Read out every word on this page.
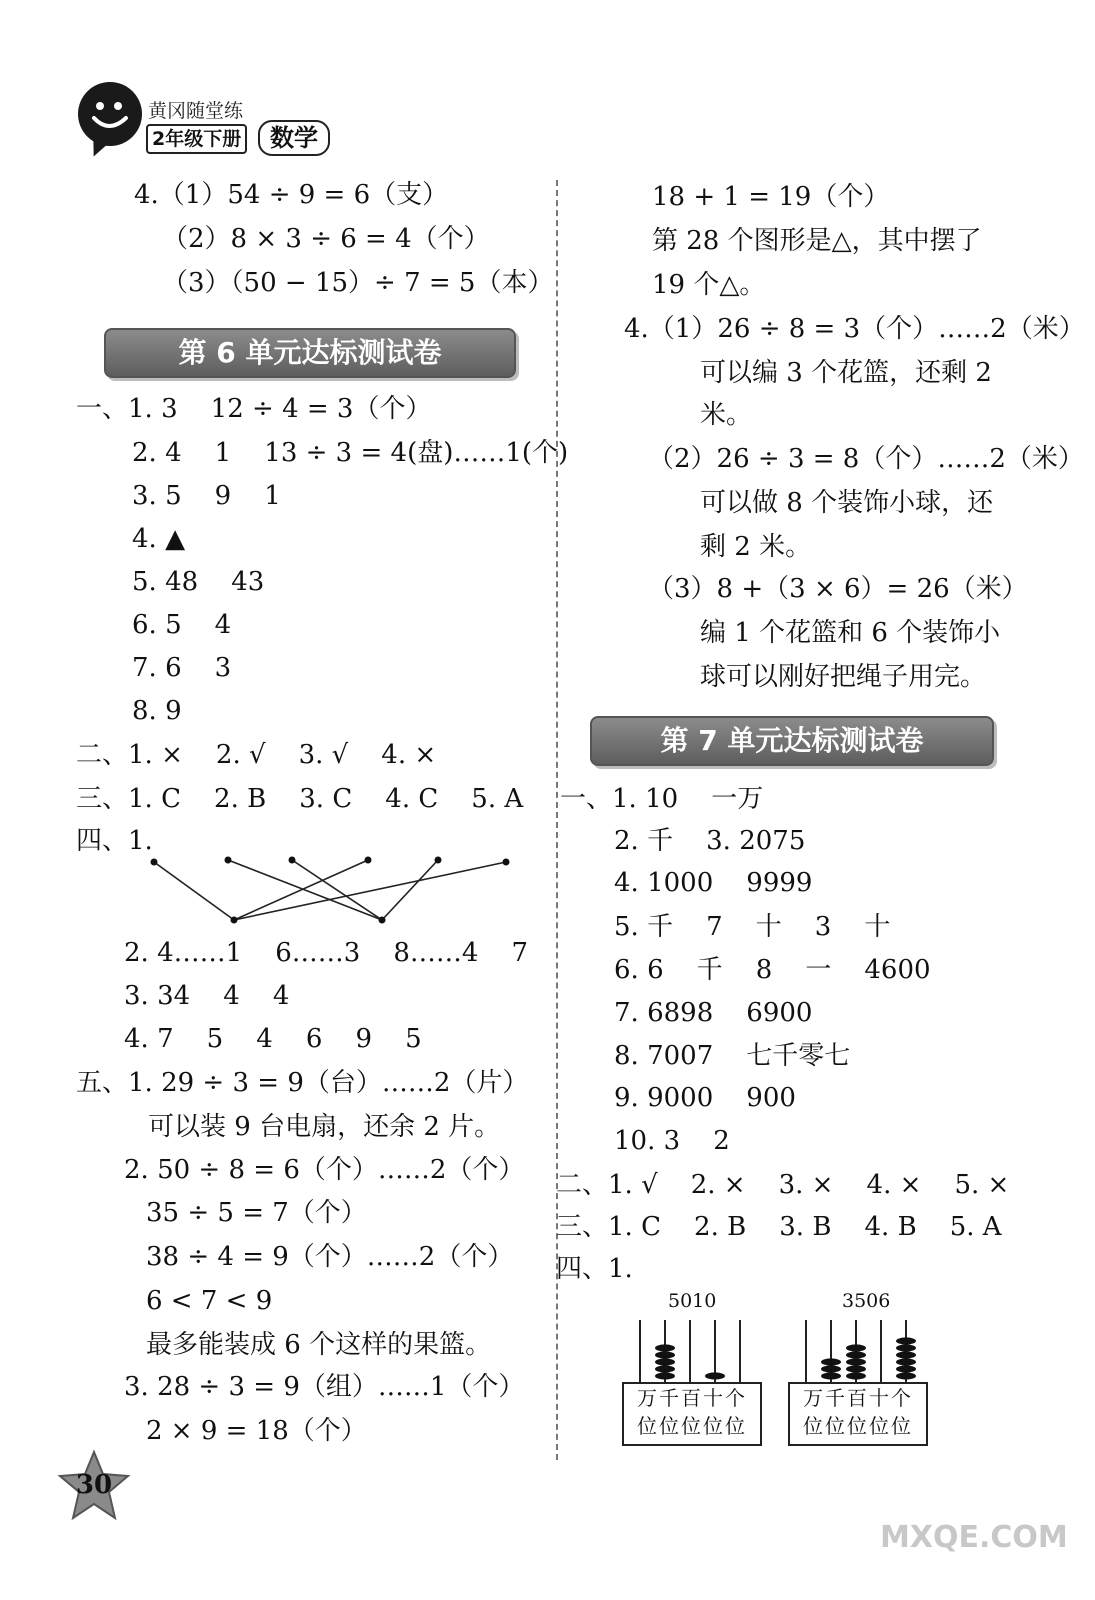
黄冈随堂练
2年级下册	数学
4.（1）54 ÷ 9 = 6（支）
（2）8 × 3 ÷ 6 = 4（个）
（3）（50 − 15）÷ 7 = 5（本）
第 6 单元达标测试卷
一、1. 3    12 ÷ 4 = 3（个）
2. 4    1    13 ÷ 3 = 4(盘)……1(个)
3. 5    9    1
4. ▲
5. 48    43
6. 5    4
7. 6    3
8. 9
二、1. ×    2. √    3. √    4. ×
三、1. C    2. B    3. C    4. C    5. A
四、1.
2. 4……1    6……3    8……4    7
3. 34    4    4
4. 7    5    4    6    9    5
五、1. 29 ÷ 3 = 9（台）……2（片）
可以装 9 台电扇，还余 2 片。
2. 50 ÷ 8 = 6（个）……2（个）
35 ÷ 5 = 7（个）
38 ÷ 4 = 9（个）……2（个）
6 < 7 < 9
最多能装成 6 个这样的果篮。
3. 28 ÷ 3 = 9（组）……1（个）
2 × 9 = 18（个）
18 + 1 = 19（个）
第 28 个图形是△，其中摆了
19 个△。
4.（1）26 ÷ 8 = 3（个）……2（米）
可以编 3 个花篮，还剩 2
米。
（2）26 ÷ 3 = 8（个）……2（米）
可以做 8 个装饰小球，还
剩 2 米。
（3）8 +（3 × 6）= 26（米）
编 1 个花篮和 6 个装饰小
球可以刚好把绳子用完。
第 7 单元达标测试卷
一、1. 10    一万
2. 千    3. 2075
4. 1000    9999
5. 千    7    十    3    十
6. 6    千    8    一    4600
7. 6898    6900
8. 7007    七千零七
9. 9000    900
10. 3    2
二、1. √    2. ×    3. ×    4. ×    5. ×
三、1. C    2. B    3. B    4. B    5. A
四、1.
5010
万千百十个
位位位位位
3506
万千百十个
位位位位位
30
MXQE.COM
